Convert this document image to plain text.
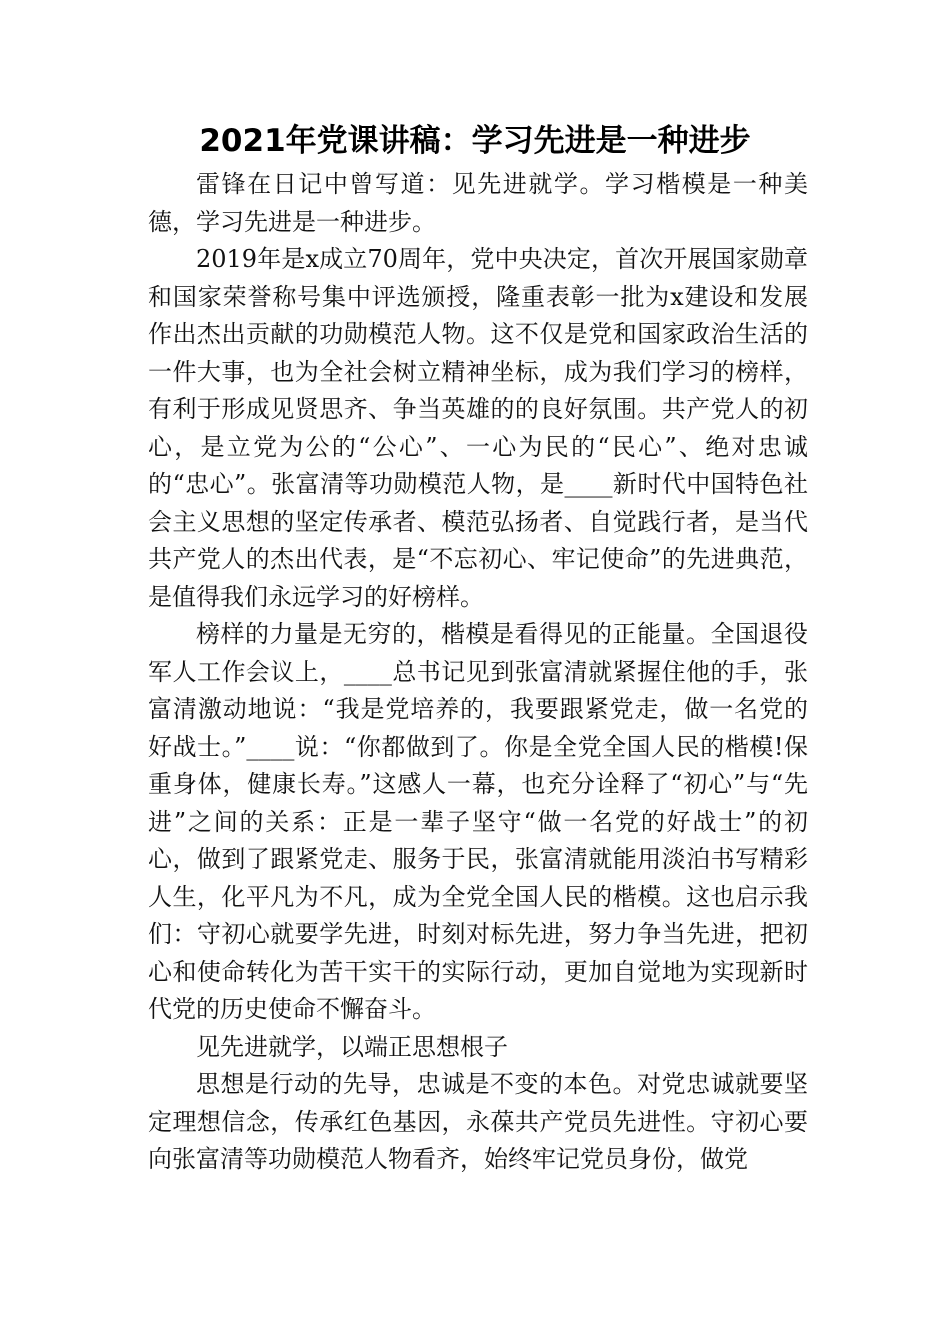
2021年党课讲稿：学习先进是一种进步

雷锋在日记中曾写道：见先进就学。学习楷模是一种美德，学习先进是一种进步。

2019年是x成立70周年，党中央决定，首次开展国家勋章和国家荣誉称号集中评选颁授，隆重表彰一批为x建设和发展作出杰出贡献的功勋模范人物。这不仅是党和国家政治生活的一件大事，也为全社会树立精神坐标，成为我们学习的榜样，有利于形成见贤思齐、争当英雄的的良好氛围。共产党人的初心，是立党为公的“公心”、一心为民的“民心”、绝对忠诚的“忠心”。张富清等功勋模范人物，是____新时代中国特色社会主义思想的坚定传承者、模范弘扬者、自觉践行者，是当代共产党人的杰出代表，是“不忘初心、牢记使命”的先进典范，是值得我们永远学习的好榜样。

榜样的力量是无穷的，楷模是看得见的正能量。全国退役军人工作会议上，____总书记见到张富清就紧握住他的手，张富清激动地说：“我是党培养的，我要跟紧党走，做一名党的好战士。”____说：“你都做到了。你是全党全国人民的楷模!保重身体，健康长寿。”这感人一幕，也充分诠释了“初心”与“先进”之间的关系：正是一辈子坚守“做一名党的好战士”的初心，做到了跟紧党走、服务于民，张富清就能用淡泊书写精彩人生，化平凡为不凡，成为全党全国人民的楷模。这也启示我们：守初心就要学先进，时刻对标先进，努力争当先进，把初心和使命转化为苦干实干的实际行动，更加自觉地为实现新时代党的历史使命不懈奋斗。

见先进就学，以端正思想根子

思想是行动的先导，忠诚是不变的本色。对党忠诚就要坚定理想信念，传承红色基因，永葆共产党员先进性。守初心要向张富清等功勋模范人物看齐，始终牢记党员身份，做党
